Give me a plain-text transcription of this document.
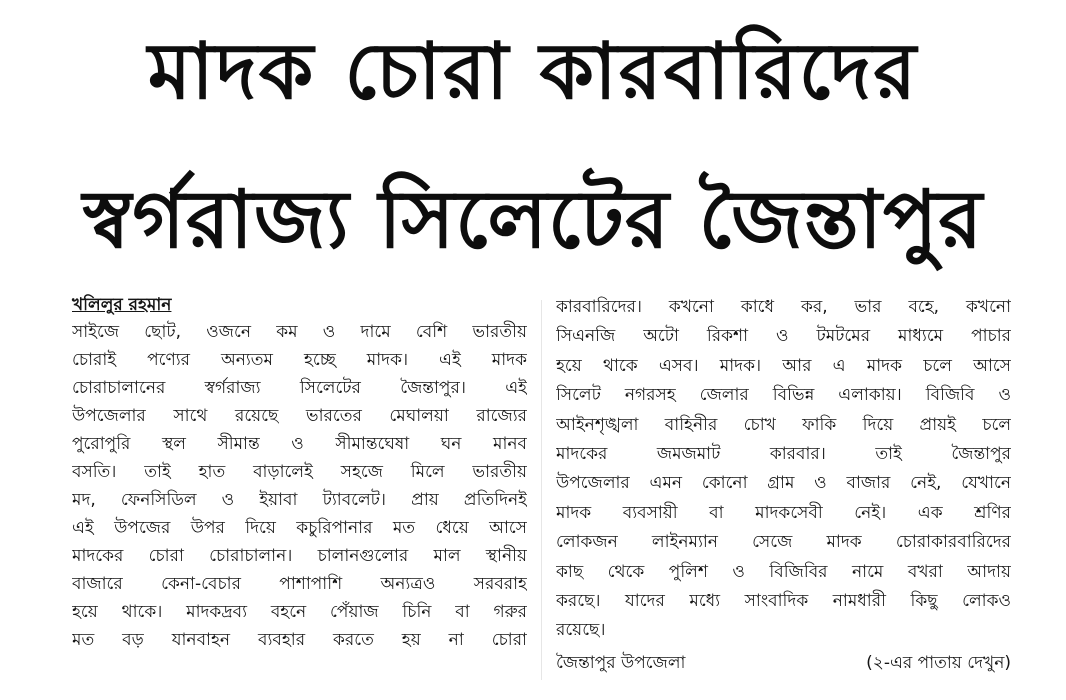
মাদক চোরা কারবারিদের
স্বর্গরাজ্য সিলেটের জৈন্তাপুর
খলিলুর রহমান
সাইজে ছোট, ওজনে কম ও দামে বেশি ভারতীয়
চোরাই পণ্যের অন্যতম হচ্ছে মাদক। এই মাদক
চোরাচালানের স্বর্গরাজ্য সিলেটের জৈন্তাপুর। এই
উপজেলার সাথে রয়েছে ভারতের মেঘালয়া রাজ্যের
পুরোপুরি স্থল সীমান্ত ও সীমান্তঘেষা ঘন মানব
বসতি। তাই হাত বাড়ালেই সহজে মিলে ভারতীয়
মদ, ফেনসিডিল ও ইয়াবা ট্যাবলেট। প্রায় প্রতিদিনই
এই উপজের উপর দিয়ে কচুরিপানার মত ধেয়ে আসে
মাদকের চোরা চোরাচালান। চালানগুলোর মাল স্থানীয়
বাজারে কেনা-বেচার পাশাপাশি অন্যত্রও সরবরাহ
হয়ে থাকে। মাদকদ্রব্য বহনে পেঁয়াজ চিনি বা গরুর
মত বড় যানবাহন ব্যবহার করতে হয় না চোরা
কারবারিদের। কখনো কাধে কর, ভার বহে, কখনো
সিএনজি অটো রিকশা ও টমটমের মাধ্যমে পাচার
হয়ে থাকে এসব। মাদক। আর এ মাদক চলে আসে
সিলেট নগরসহ জেলার বিভিন্ন এলাকায়। বিজিবি ও
আইনশৃঙ্খলা বাহিনীর চোখ ফাকি দিয়ে প্রায়ই চলে
মাদকের জমজমাট কারবার। তাই জৈন্তাপুর
উপজেলার এমন কোনো গ্রাম ও বাজার নেই, যেখানে
মাদক ব্যবসায়ী বা মাদকসেবী নেই। এক শ্রণির
লোকজন লাইনম্যান সেজে মাদক চোরাকারবারিদের
কাছ থেকে পুলিশ ও বিজিবির নামে বখরা আদায়
করছে। যাদের মধ্যে সাংবাদিক নামধারী কিছু লোকও
রয়েছে।
জৈন্তাপুর উপজেলা	(২-এর পাতায় দেখুন)
